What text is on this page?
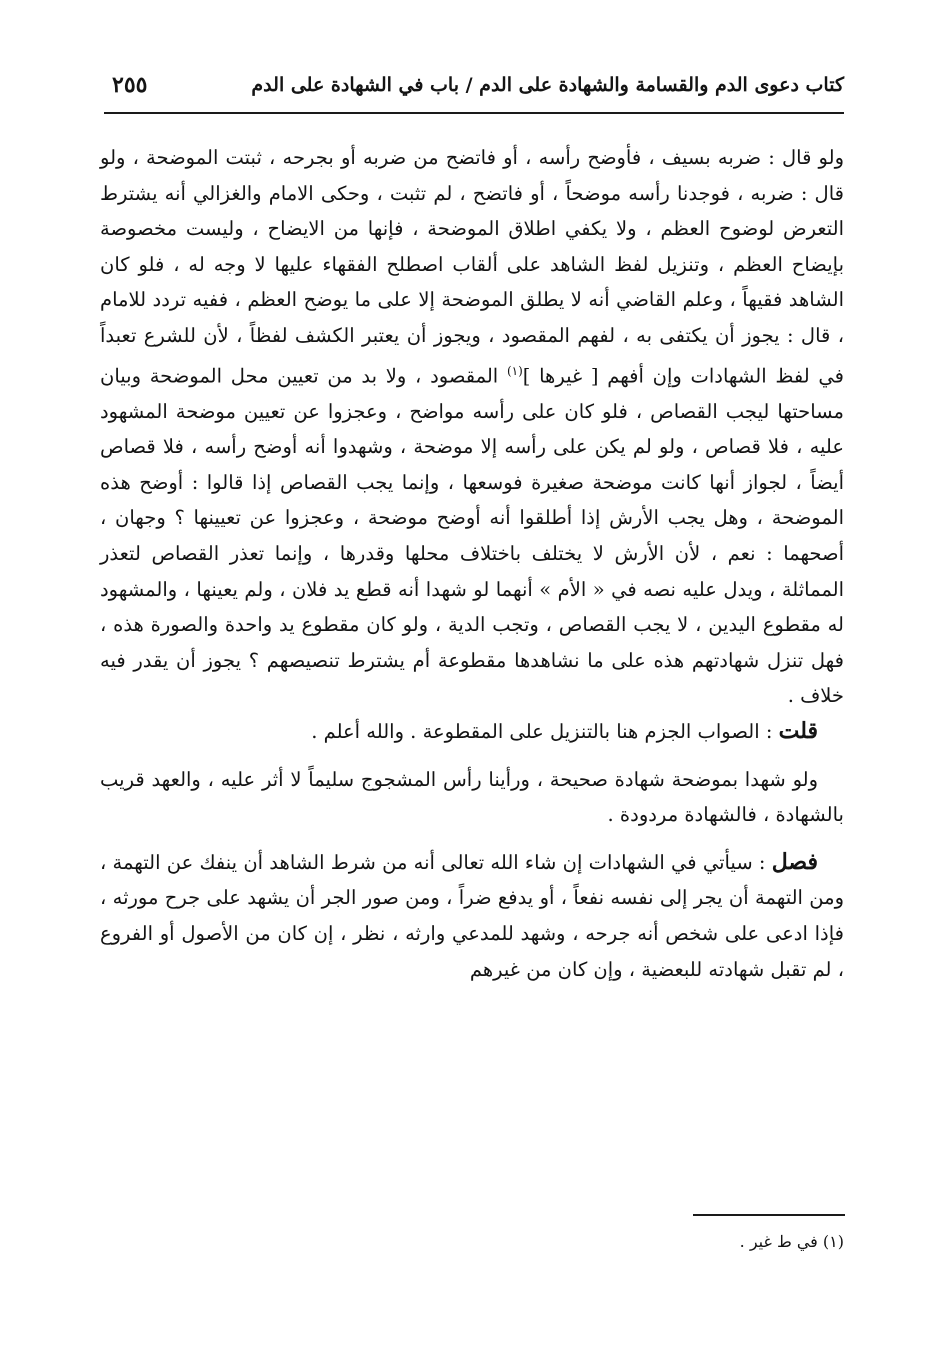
كتاب دعوى الدم والقسامة والشهادة على الدم / باب في الشهادة على الدم
٢٥٥

ولو قال : ضربه بسيف ، فأوضح رأسه ، أو فاتضح من ضربه أو بجرحه ، ثبتت الموضحة ، ولو قال : ضربه ، فوجدنا رأسه موضحاً ، أو فاتضح ، لم تثبت ، وحكى الامام والغزالي أنه يشترط التعرض لوضوح العظم ، ولا يكفي اطلاق الموضحة ، فإنها من الايضاح ، وليست مخصوصة بإيضاح العظم ، وتنزيل لفظ الشاهد على ألقاب اصطلح الفقهاء عليها لا وجه له ، فلو كان الشاهد فقيهاً ، وعلم القاضي أنه لا يطلق الموضحة إلا على ما يوضح العظم ، ففيه تردد للامام ، قال : يجوز أن يكتفى به ، لفهم المقصود ، ويجوز أن يعتبر الكشف لفظاً ، لأن للشرع تعبداً في لفظ الشهادات وإن أفهم [ غيرها ]$^{(١)}$ المقصود ، ولا بد من تعيين محل الموضحة وبيان مساحتها ليجب القصاص ، فلو كان على رأسه مواضح ، وعجزوا عن تعيين موضحة المشهود عليه ، فلا قصاص ، ولو لم يكن على رأسه إلا موضحة ، وشهدوا أنه أوضح رأسه ، فلا قصاص أيضاً ، لجواز أنها كانت موضحة صغيرة فوسعها ، وإنما يجب القصاص إذا قالوا : أوضح هذه الموضحة ، وهل يجب الأرش إذا أطلقوا أنه أوضح موضحة ، وعجزوا عن تعيينها ؟ وجهان ، أصحهما : نعم ، لأن الأرش لا يختلف باختلاف محلها وقدرها ، وإنما تعذر القصاص لتعذر المماثلة ، ويدل عليه نصه في « الأم » أنهما لو شهدا أنه قطع يد فلان ، ولم يعينها ، والمشهود له مقطوع اليدين ، لا يجب القصاص ، وتجب الدية ، ولو كان مقطوع يد واحدة والصورة هذه ، فهل تنزل شهادتهم هذه على ما نشاهدها مقطوعة أم يشترط تنصيصهم ؟ يجوز أن يقدر فيه خلاف .

قلت : الصواب الجزم هنا بالتنزيل على المقطوعة . والله أعلم .

ولو شهدا بموضحة شهادة صحيحة ، ورأينا رأس المشجوج سليماً لا أثر عليه ، والعهد قريب بالشهادة ، فالشهادة مردودة .

فصل : سيأتي في الشهادات إن شاء الله تعالى أنه من شرط الشاهد أن ينفك عن التهمة ، ومن التهمة أن يجر إلى نفسه نفعاً ، أو يدفع ضراً ، ومن صور الجر أن يشهد على جرح مورثه ، فإذا ادعى على شخص أنه جرحه ، وشهد للمدعي وارثه ، نظر ، إن كان من الأصول أو الفروع ، لم تقبل شهادته للبعضية ، وإن كان من غيرهم

(١) في ط غير .
